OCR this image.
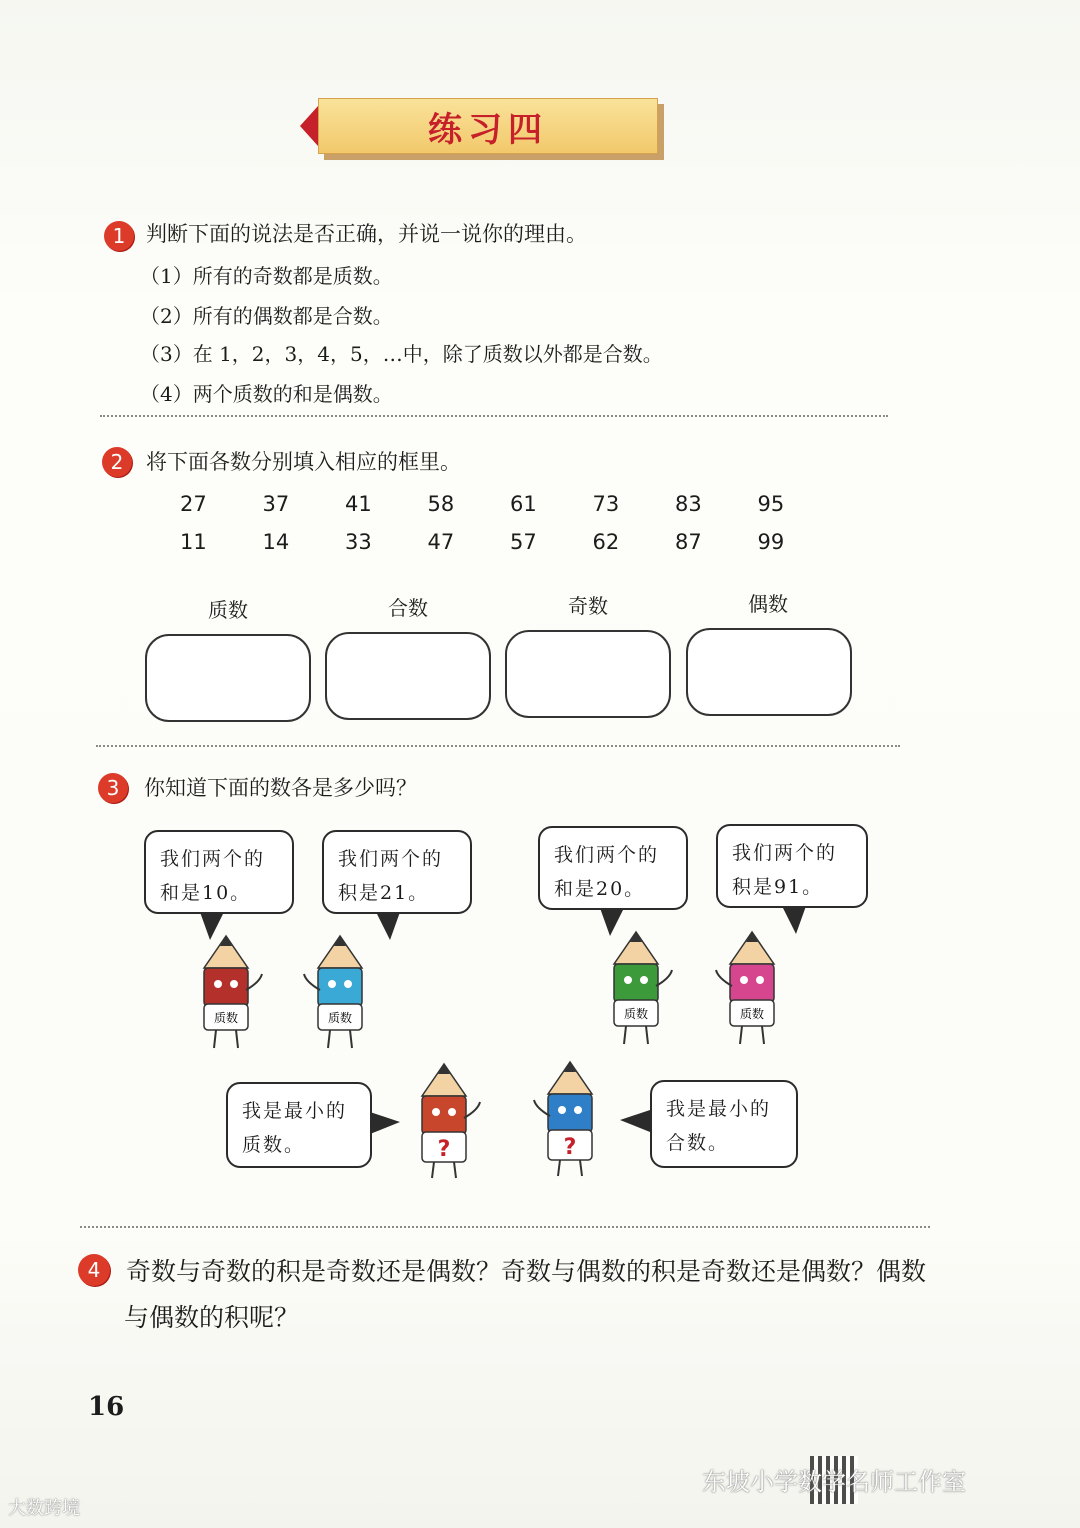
练习四
1 判断下面的说法是否正确，并说一说你的理由。
（1）所有的奇数都是质数。
（2）所有的偶数都是合数。
（3）在 1，2，3，4，5，…中，除了质数以外都是合数。
（4）两个质数的和是偶数。
2	将下面各数分别填入相应的框里。
27	37	41	58	61	73	83	95
11	14	33	47	57	62	87	99
质数	合数	奇数	偶数
3	你知道下面的数各是多少吗？
我们两个的
和是10。
我们两个的
积是21。
我们两个的
和是20。
我们两个的
积是91。
我是最小的
质数。
我是最小的
合数。
质数	质数	质数	质数
?	?
4	奇数与奇数的积是奇数还是偶数？奇数与偶数的积是奇数还是偶数？偶数
与偶数的积呢？
16
大数跨境
东坡小学数学名师工作室
